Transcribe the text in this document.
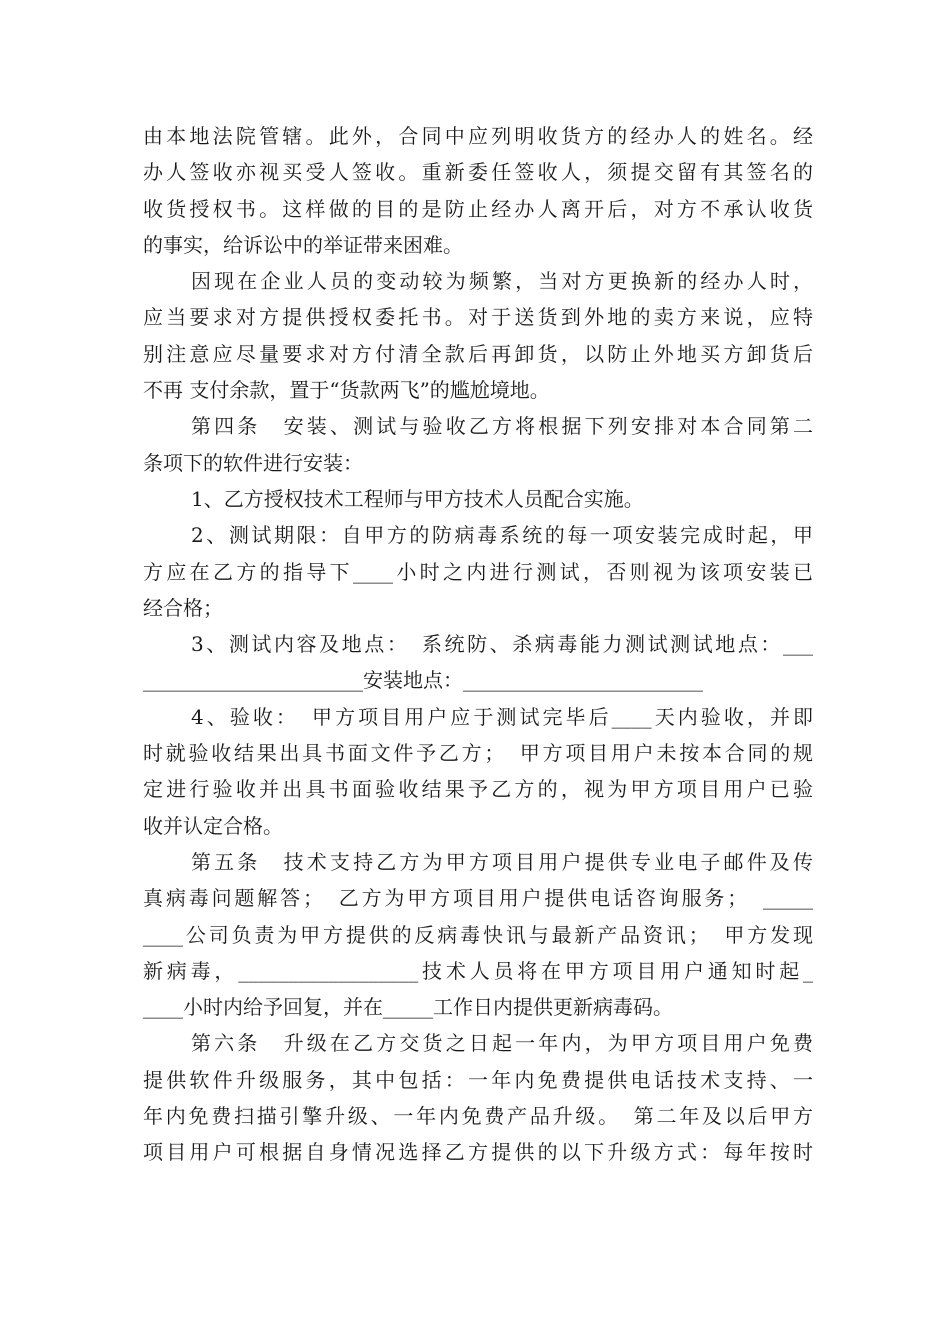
由本地法院管辖。此外，合同中应列明收货方的经办人的姓名。经
办人签收亦视买受人签收。重新委任签收人，须提交留有其签名的
收货授权书。这样做的目的是防止经办人离开后，对方不承认收货
的事实，给诉讼中的举证带来困难。
因现在企业人员的变动较为频繁，当对方更换新的经办人时，
应当要求对方提供授权委托书。对于送货到外地的卖方来说，应特
别注意应尽量要求对方付清全款后再卸货，以防止外地买方卸货后
不再 支付余款，置于“货款两飞”的尴尬境地。
第四条　安装、测试与验收乙方将根据下列安排对本合同第二
条项下的软件进行安装：
1、乙方授权技术工程师与甲方技术人员配合实施。
2、测试期限：自甲方的防病毒系统的每一项安装完成时起，甲
方应在乙方的指导下____小时之内进行测试，否则视为该项安装已
经合格；
3、测试内容及地点：　系统防、杀病毒能力测试测试地点：___
______________________安装地点：________________________
4、验收：　甲方项目用户应于测试完毕后____天内验收，并即
时就验收结果出具书面文件予乙方；　甲方项目用户未按本合同的规
定进行验收并出具书面验收结果予乙方的，视为甲方项目用户已验
收并认定合格。
第五条　技术支持乙方为甲方项目用户提供专业电子邮件及传
真病毒问题解答；　乙方为甲方项目用户提供电话咨询服务；　_____
____公司负责为甲方提供的反病毒快讯与最新产品资讯；　甲方发现
新病毒，__________________技术人员将在甲方项目用户通知时起_
____小时内给予回复，并在_____工作日内提供更新病毒码。
第六条　升级在乙方交货之日起一年内，为甲方项目用户免费
提供软件升级服务，其中包括：一年内免费提供电话技术支持、一
年内免费扫描引擎升级、一年内免费产品升级。　第二年及以后甲方
项目用户可根据自身情况选择乙方提供的以下升级方式：每年按时
